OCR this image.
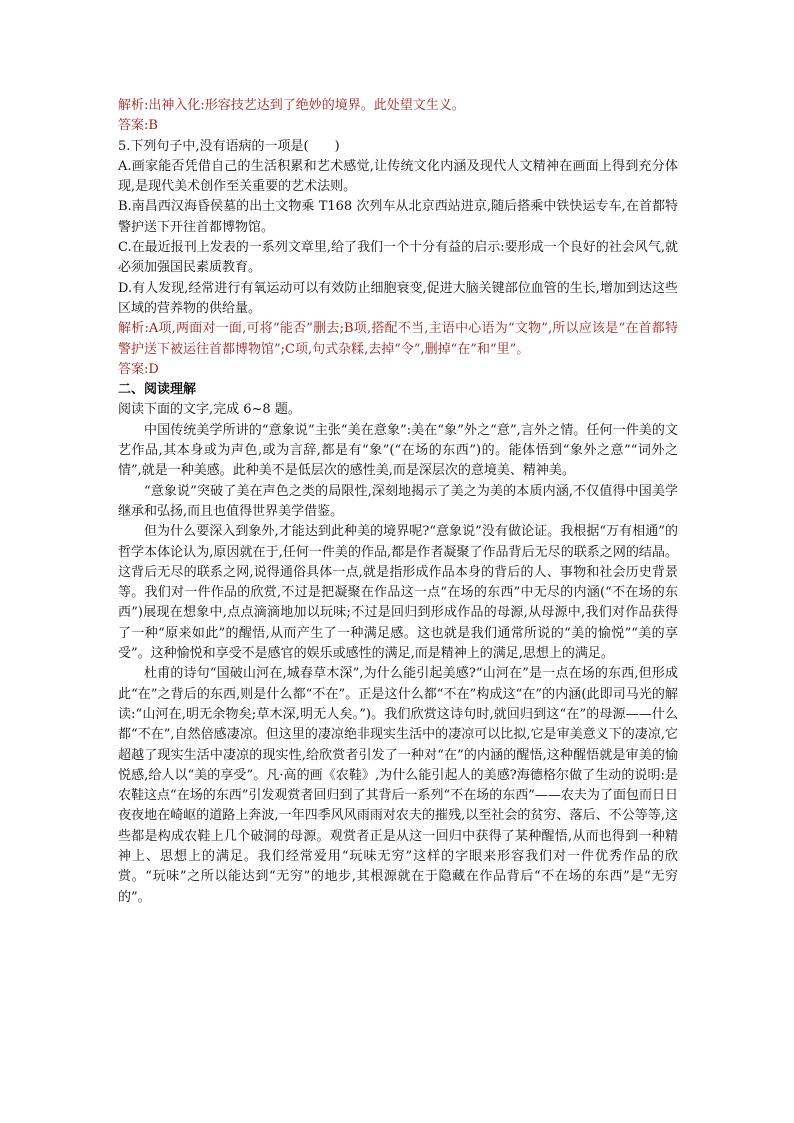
解析:出神入化:形容技艺达到了绝妙的境界。此处望文生义。

答案:B

5.下列句子中,没有语病的一项是(　　)

A.画家能否凭借自己的生活积累和艺术感觉,让传统文化内涵及现代人文精神在画面上得到充分体现,是现代美术创作至关重要的艺术法则。

B.南昌西汉海昏侯墓的出土文物乘 T168 次列车从北京西站进京,随后搭乘中铁快运专车,在首都特警护送下开往首都博物馆。

C.在最近报刊上发表的一系列文章里,给了我们一个十分有益的启示:要形成一个良好的社会风气,就必须加强国民素质教育。

D.有人发现,经常进行有氧运动可以有效防止细胞衰变,促进大脑关键部位血管的生长,增加到达这些区域的营养物的供给量。

解析:A项,两面对一面,可将“能否”删去;B项,搭配不当,主语中心语为“文物”,所以应该是“在首都特警护送下被运往首都博物馆”;C项,句式杂糅,去掉“令”,删掉“在”和“里”。

答案:D

二、阅读理解

阅读下面的文字,完成 6~8 题。

中国传统美学所讲的“意象说”主张“美在意象”:美在“象”外之“意”,言外之情。任何一件美的文艺作品,其本身或为声色,或为言辞,都是有“象”(“在场的东西”)的。能体悟到“象外之意”“词外之情”,就是一种美感。此种美不是低层次的感性美,而是深层次的意境美、精神美。

“意象说”突破了美在声色之类的局限性,深刻地揭示了美之为美的本质内涵,不仅值得中国美学继承和弘扬,而且也值得世界美学借鉴。

但为什么要深入到象外,才能达到此种美的境界呢?“意象说”没有做论证。我根据“万有相通”的哲学本体论认为,原因就在于,任何一件美的作品,都是作者凝聚了作品背后无尽的联系之网的结晶。这背后无尽的联系之网,说得通俗具体一点,就是指形成作品本身的背后的人、事物和社会历史背景等。我们对一件作品的欣赏,不过是把凝聚在作品这一点“在场的东西”中无尽的内涵(“不在场的东西”)展现在想象中,点点滴滴地加以玩味;不过是回归到形成作品的母源,从母源中,我们对作品获得了一种“原来如此”的醒悟,从而产生了一种满足感。这也就是我们通常所说的“美的愉悦”“美的享受”。这种愉悦和享受不是感官的娱乐或感性的满足,而是精神上的满足,思想上的满足。

杜甫的诗句“国破山河在,城春草木深”,为什么能引起美感?“山河在”是一点在场的东西,但形成此“在”之背后的东西,则是什么都“不在”。正是这什么都“不在”构成这“在”的内涵(此即司马光的解读:“山河在,明无余物矣;草木深,明无人矣。”)。我们欣赏这诗句时,就回归到这“在”的母源——什么都“不在”,自然倍感凄凉。但这里的凄凉绝非现实生活中的凄凉可以比拟,它是审美意义下的凄凉,它超越了现实生活中凄凉的现实性,给欣赏者引发了一种对“在”的内涵的醒悟,这种醒悟就是审美的愉悦感,给人以“美的享受”。凡·高的画《农鞋》,为什么能引起人的美感?海德格尔做了生动的说明:是农鞋这点“在场的东西”引发观赏者回归到了其背后一系列“不在场的东西”——农夫为了面包而日日夜夜地在崎岖的道路上奔波,一年四季风风雨雨对农夫的摧残,以至社会的贫穷、落后、不公等等,这些都是构成农鞋上几个破洞的母源。观赏者正是从这一回归中获得了某种醒悟,从而也得到一种精神上、思想上的满足。我们经常爱用“玩味无穷”这样的字眼来形容我们对一件优秀作品的欣赏。“玩味”之所以能达到“无穷”的地步,其根源就在于隐藏在作品背后“不在场的东西”是“无穷的”。
